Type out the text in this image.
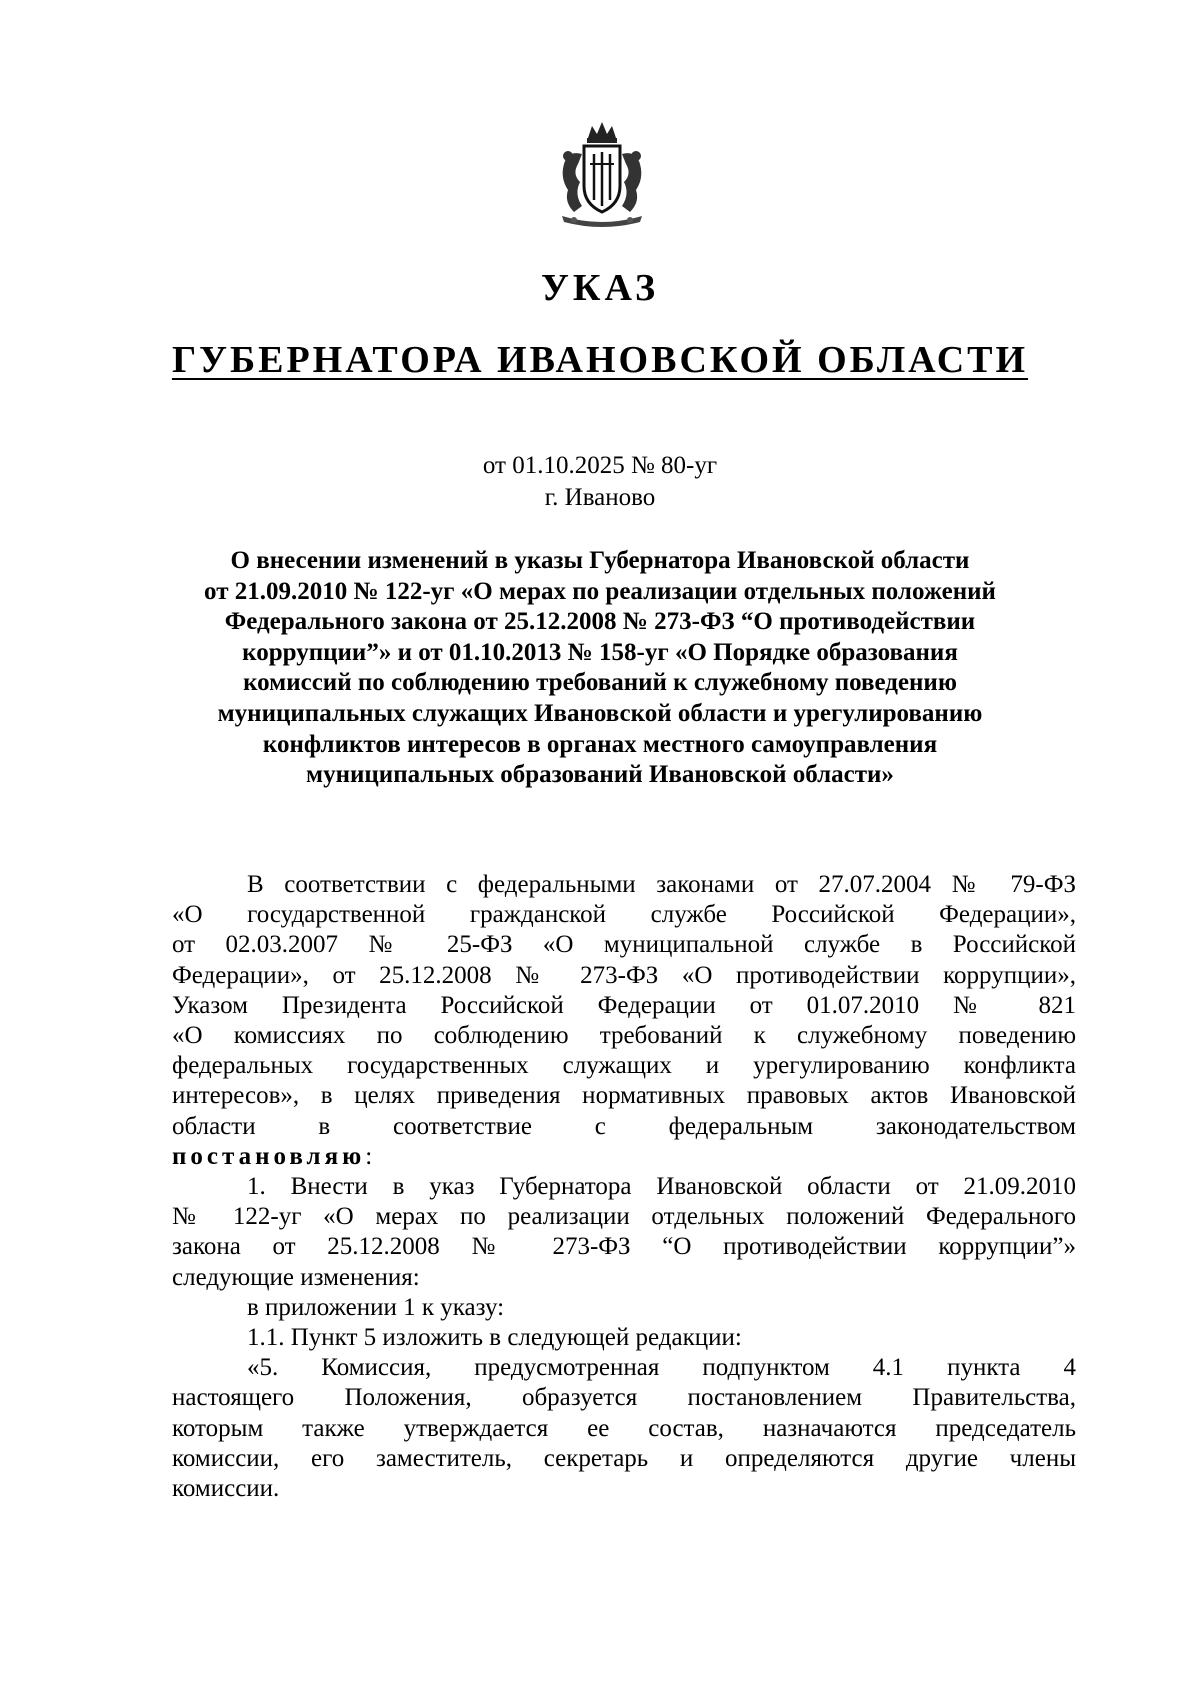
УКАЗ
ГУБЕРНАТОРА ИВАНОВСКОЙ ОБЛАСТИ
от 01.10.2025 № 80-уг
г. Иваново
О внесении изменений в указы Губернатора Ивановской области
от 21.09.2010 № 122-уг «О мерах по реализации отдельных положений
Федерального закона от 25.12.2008 № 273-ФЗ “О противодействии
коррупции”» и от 01.10.2013 № 158-уг «О Порядке образования
комиссий по соблюдению требований к служебному поведению
муниципальных служащих Ивановской области и урегулированию
конфликтов интересов в органах местного самоуправления
муниципальных образований Ивановской области»
В соответствии с федеральными законами от 27.07.2004 № 79-ФЗ
«О государственной гражданской службе Российской Федерации»,
от 02.03.2007 № 25-ФЗ «О муниципальной службе в Российской
Федерации», от 25.12.2008 № 273-ФЗ «О противодействии коррупции»,
Указом Президента Российской Федерации от 01.07.2010 № 821
«О комиссиях по соблюдению требований к служебному поведению
федеральных государственных служащих и урегулированию конфликта
интересов», в целях приведения нормативных правовых актов Ивановской
области в соответствие с федеральным законодательством
постановляю:
1. Внести в указ Губернатора Ивановской области от 21.09.2010
№ 122-уг «О мерах по реализации отдельных положений Федерального
закона от 25.12.2008 № 273-ФЗ “О противодействии коррупции”»
следующие изменения:
в приложении 1 к указу:
1.1. Пункт 5 изложить в следующей редакции:
«5. Комиссия, предусмотренная подпунктом 4.1 пункта 4
настоящего Положения, образуется постановлением Правительства,
которым также утверждается ее состав, назначаются председатель
комиссии, его заместитель, секретарь и определяются другие члены
комиссии.
